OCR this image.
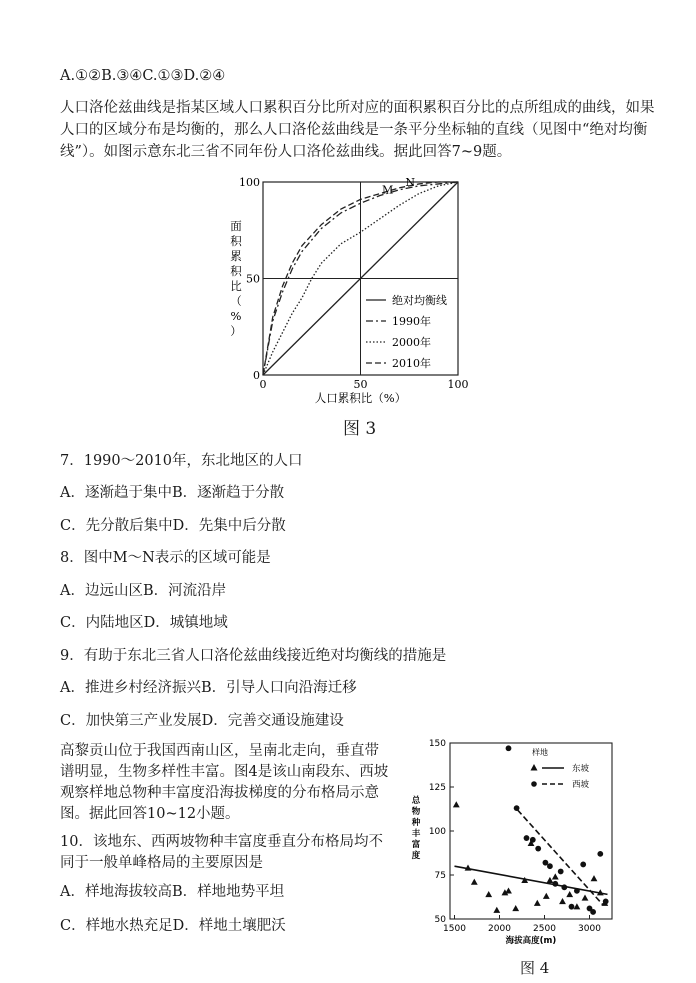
A.①②B.③④C.①③D.②④
人口洛伦兹曲线是指某区域人口累积百分比所对应的面积累积百分比的点所组成的曲线，如果人口的区域分布是均衡的，那么人口洛伦兹曲线是一条平分坐标轴的直线（见图中“绝对均衡线”）。如图示意东北三省不同年份人口洛伦兹曲线。据此回答7~9题。
0	50	100
0
50
100
M
N
人口累积比（%）
面积累积比（%）
绝对均衡线
1990年
2000年
2010年
图 3
7．1990～2010年，东北地区的人口
A．逐渐趋于集中B．逐渐趋于分散
C．先分散后集中D．先集中后分散
8．图中M～N表示的区域可能是
A．边远山区B．河流沿岸
C．内陆地区D．城镇地域
9．有助于东北三省人口洛伦兹曲线接近绝对均衡线的措施是
A．推进乡村经济振兴B．引导人口向沿海迁移
C．加快第三产业发展D．完善交通设施建设
高黎贡山位于我国西南山区，呈南北走向，垂直带谱明显，生物多样性丰富。图4是该山南段东、西坡观察样地总物种丰富度沿海拔梯度的分布格局示意图。据此回答10~12小题。
10．该地东、西两坡物种丰富度垂直分布格局均不同于一般单峰格局的主要原因是
A．样地海拔较高B．样地地势平坦
C．样地水热充足D．样地土壤肥沃	1500 2000 2500 3000
50
75
100
125
150
海拔高度(m)
总物种丰富度
样地
东坡
西坡
图 4
